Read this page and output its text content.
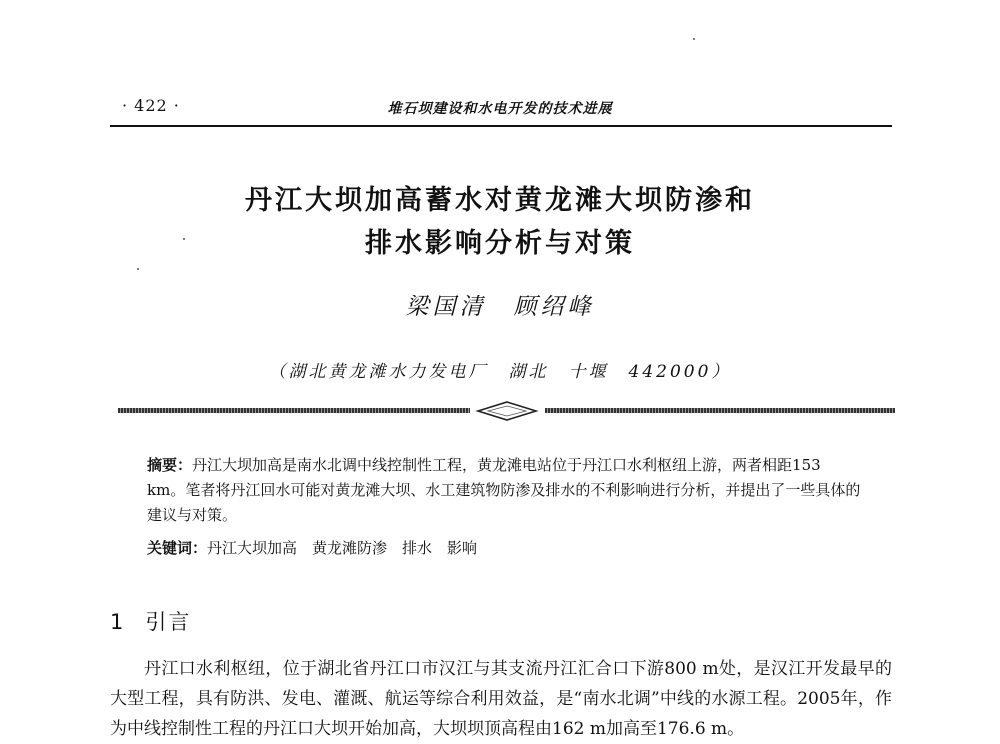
· 422 ·	堆石坝建设和水电开发的技术进展
丹江大坝加高蓄水对黄龙滩大坝防渗和
排水影响分析与对策
梁国清　顾绍峰
（湖北黄龙滩水力发电厂　湖北　十堰　442000）
摘要：丹江大坝加高是南水北调中线控制性工程，黄龙滩电站位于丹江口水利枢纽上游，两者相距153 km。笔者将丹江回水可能对黄龙滩大坝、水工建筑物防渗及排水的不利影响进行分析，并提出了一些具体的建议与对策。
关键词：丹江大坝加高　黄龙滩防渗　排水　影响
1 引言
丹江口水利枢纽，位于湖北省丹江口市汉江与其支流丹江汇合口下游800 m处，是汉江开发最早的大型工程，具有防洪、发电、灌溉、航运等综合利用效益，是“南水北调”中线的水源工程。2005年，作为中线控制性工程的丹江口大坝开始加高，大坝坝顶高程由162 m加高至176.6 m。
